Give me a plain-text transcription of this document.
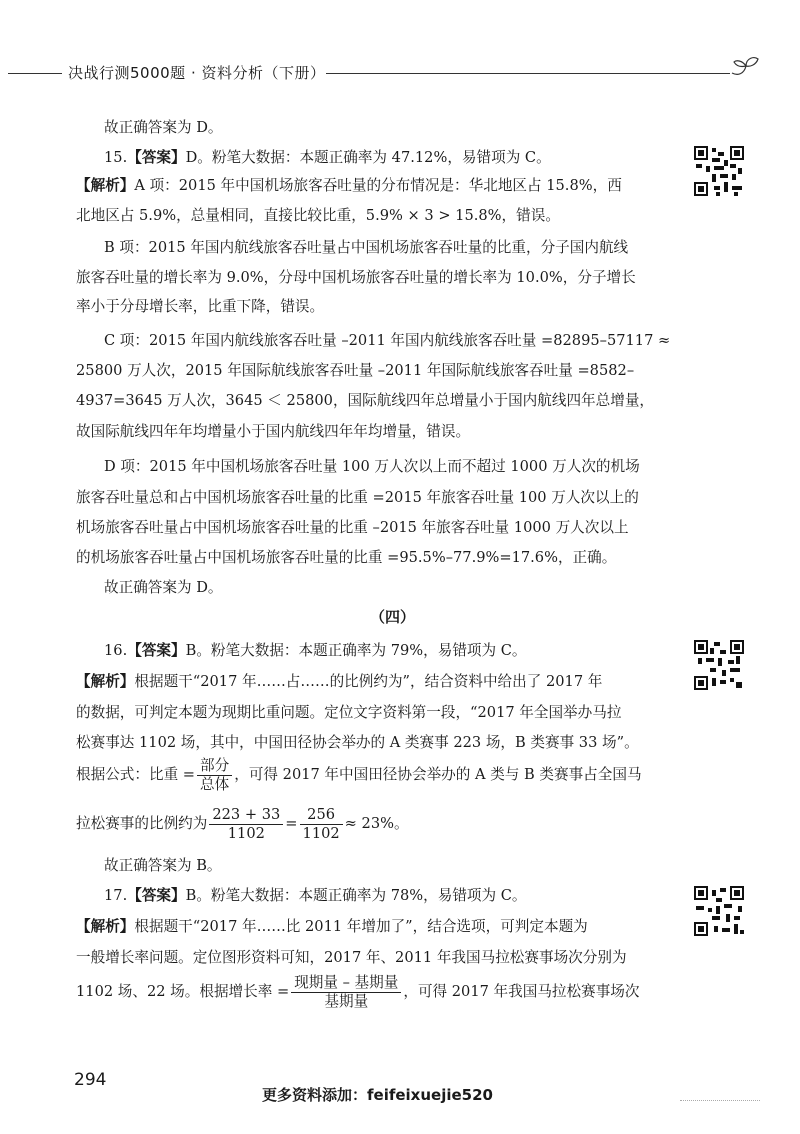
决战行测5000题 · 资料分析（下册）
故正确答案为 D。
15.【答案】D。粉笔大数据：本题正确率为 47.12%，易错项为 C。
【解析】A 项：2015 年中国机场旅客吞吐量的分布情况是：华北地区占 15.8%，西
北地区占 5.9%，总量相同，直接比较比重，5.9% × 3 > 15.8%，错误。
B 项：2015 年国内航线旅客吞吐量占中国机场旅客吞吐量的比重，分子国内航线
旅客吞吐量的增长率为 9.0%，分母中国机场旅客吞吐量的增长率为 10.0%，分子增长
率小于分母增长率，比重下降，错误。
C 项：2015 年国内航线旅客吞吐量 –2011 年国内航线旅客吞吐量 =82895–57117 ≈
25800 万人次，2015 年国际航线旅客吞吐量 –2011 年国际航线旅客吞吐量 =8582–
4937=3645 万人次，3645 ＜ 25800，国际航线四年总增量小于国内航线四年总增量，
故国际航线四年年均增量小于国内航线四年年均增量，错误。
D 项：2015 年中国机场旅客吞吐量 100 万人次以上而不超过 1000 万人次的机场
旅客吞吐量总和占中国机场旅客吞吐量的比重 =2015 年旅客吞吐量 100 万人次以上的
机场旅客吞吐量占中国机场旅客吞吐量的比重 –2015 年旅客吞吐量 1000 万人次以上
的机场旅客吞吐量占中国机场旅客吞吐量的比重 =95.5%–77.9%=17.6%，正确。
故正确答案为 D。
（四）
16.【答案】B。粉笔大数据：本题正确率为 79%，易错项为 C。
【解析】根据题干“2017 年……占……的比例约为”，结合资料中给出了 2017 年
的数据，可判定本题为现期比重问题。定位文字资料第一段，“2017 年全国举办马拉
松赛事达 1102 场，其中，中国田径协会举办的 A 类赛事 223 场，B 类赛事 33 场”。
根据公式：比重 = $\frac{\text{部分}}{\text{总体}}$ ，可得 2017 年中国田径协会举办的 A 类与 B 类赛事占全国马
拉松赛事的比例约为 $\frac{223 + 33}{1102} = \frac{256}{1102} \approx 23\%$。
故正确答案为 B。
17.【答案】B。粉笔大数据：本题正确率为 78%，易错项为 C。
【解析】根据题干“2017 年……比 2011 年增加了”，结合选项，可判定本题为
一般增长率问题。定位图形资料可知，2017 年、2011 年我国马拉松赛事场次分别为
1102 场、22 场。根据增长率 = $\frac{\text{现期量 – 基期量}}{\text{基期量}}$ ，可得 2017 年我国马拉松赛事场次
294
更多资料添加：feifeixuejie520
